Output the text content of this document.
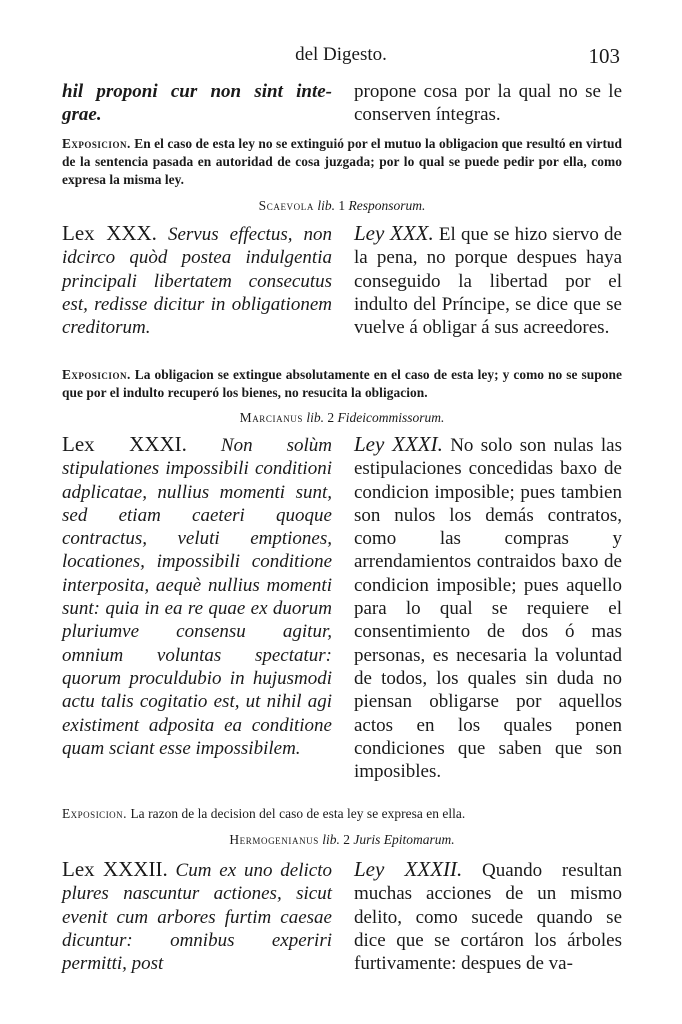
del Digesto.	103
hil proponi cur non sint inte- grae.
propone cosa por la qual no se le conserven íntegras.
Exposicion. En el caso de esta ley no se extinguió por el mutuo la obligacion que resultó en virtud de la sentencia pasada en autoridad de cosa juzgada; por lo qual se puede pedir por ella, como expresa la misma ley.
Scaevola lib. 1 Responsorum.
Lex XXX. Servus effectus, non idcirco quòd postea indulgentia principali libertatem consecutus est, redisse dicitur in obligationem creditorum.
Ley XXX. El que se hizo siervo de la pena, no porque despues haya conseguido la libertad por el indulto del Príncipe, se dice que se vuelve á obligar á sus acreedores.
Exposicion. La obligacion se extingue absolutamente en el caso de esta ley; y como no se supone que por el indulto recuperó los bienes, no resucita la obligacion.
Marcianus lib. 2 Fideicommissorum.
Lex XXXI. Non solùm stipulationes impossibili conditioni adplicatae, nullius momenti sunt, sed etiam caeteri quoque contractus, veluti emptiones, locationes, impossibili conditione interposita, aequè nullius momenti sunt: quia in ea re quae ex duorum pluriumve consensu agitur, omnium voluntas spectatur: quorum proculdubio in hujusmodi actu talis cogitatio est, ut nihil agi existiment adposita ea conditione quam sciant esse impossibilem.
Ley XXXI. No solo son nulas las estipulaciones concedidas baxo de condicion imposible; pues tambien son nulos los demás contratos, como las compras y arrendamientos contraidos baxo de condicion imposible; pues aquello para lo qual se requiere el consentimiento de dos ó mas personas, es necesaria la voluntad de todos, los quales sin duda no piensan obligarse por aquellos actos en los quales ponen condiciones que saben que son imposibles.
Exposicion. La razon de la decision del caso de esta ley se expresa en ella.
Hermogenianus lib. 2 Juris Epitomarum.
Lex XXXII. Cum ex uno delicto plures nascuntur actiones, sicut evenit cum arbores furtim caesae dicuntur: omnibus experiri permitti, post
Ley XXXII. Quando resultan muchas acciones de un mismo delito, como sucede quando se dice que se cortáron los árboles furtivamente: despues de va-
